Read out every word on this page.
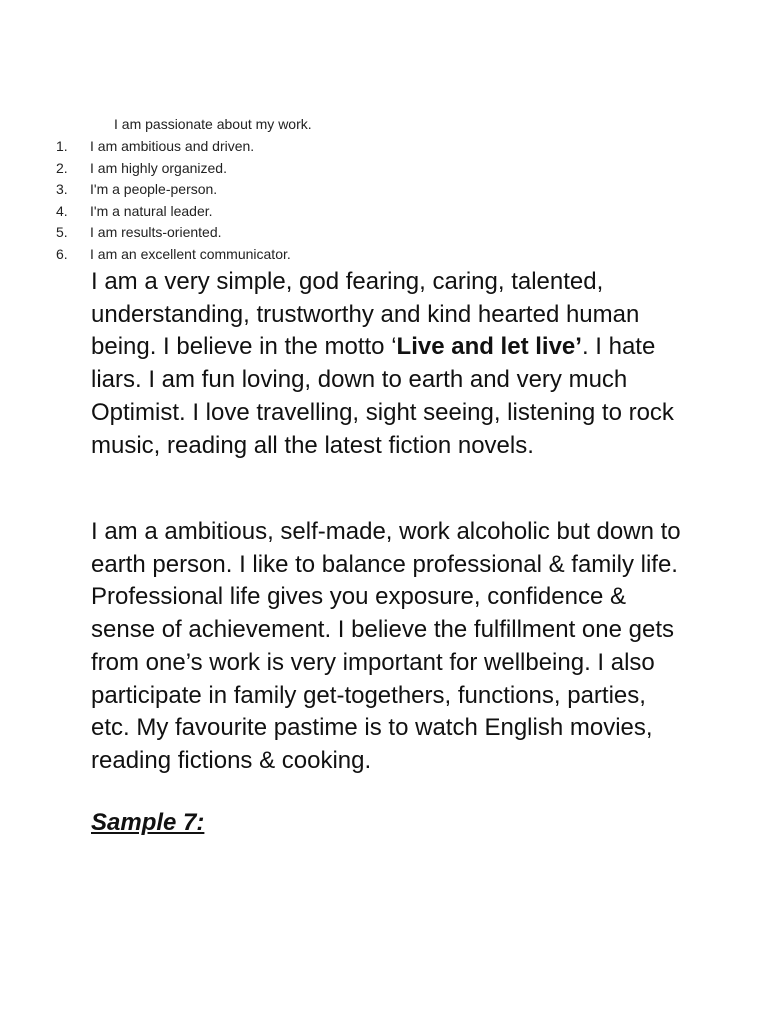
I am passionate about my work.
1.	I am ambitious and driven.
2.	I am highly organized.
3.	I'm a people-person.
4.	I'm a natural leader.
5.	I am results-oriented.
6.	I am an excellent communicator.

I am a very simple, god fearing, caring, talented, understanding, trustworthy and kind hearted human being. I believe in the motto ‘Live and let live’. I hate liars. I am fun loving, down to earth and very much Optimist. I love travelling, sight seeing, listening to rock music, reading all the latest fiction novels.

I am a ambitious, self-made, work alcoholic but down to earth person. I like to balance professional & family life. Professional life gives you exposure, confidence & sense of achievement. I believe the fulfillment one gets from one’s work is very important for wellbeing. I also participate in family get-togethers, functions, parties, etc. My favourite pastime is to watch English movies, reading fictions & cooking.

Sample 7:
